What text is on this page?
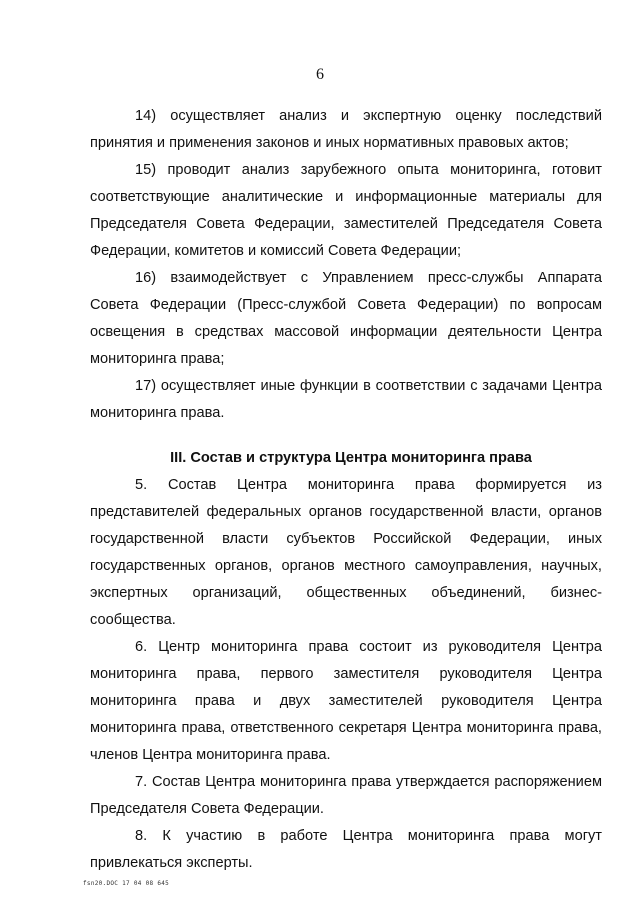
6

14) осуществляет анализ и экспертную оценку последствий принятия и применения законов и иных нормативных правовых актов;

15) проводит анализ зарубежного опыта мониторинга, готовит соответствующие аналитические и информационные материалы для Председателя Совета Федерации, заместителей Председателя Совета Федерации, комитетов и комиссий Совета Федерации;

16) взаимодействует с Управлением пресс-службы Аппарата Совета Федерации (Пресс-службой Совета Федерации) по вопросам освещения в средствах массовой информации деятельности Центра мониторинга права;

17) осуществляет иные функции в соответствии с задачами Центра мониторинга права.

III. Состав и структура Центра мониторинга права

5. Состав Центра мониторинга права формируется из представителей федеральных органов государственной власти, органов государственной власти субъектов Российской Федерации, иных государственных органов, органов местного самоуправления, научных, экспертных организаций, общественных объединений, бизнес-сообщества.

6. Центр мониторинга права состоит из руководителя Центра мониторинга права, первого заместителя руководителя Центра мониторинга права и двух заместителей руководителя Центра мониторинга права, ответственного секретаря Центра мониторинга права, членов Центра мониторинга права.

7. Состав Центра мониторинга права утверждается распоряжением Председателя Совета Федерации.

8. К участию в работе Центра мониторинга права могут привлекаться эксперты.

fsn20.DOC 17 04 08 645
